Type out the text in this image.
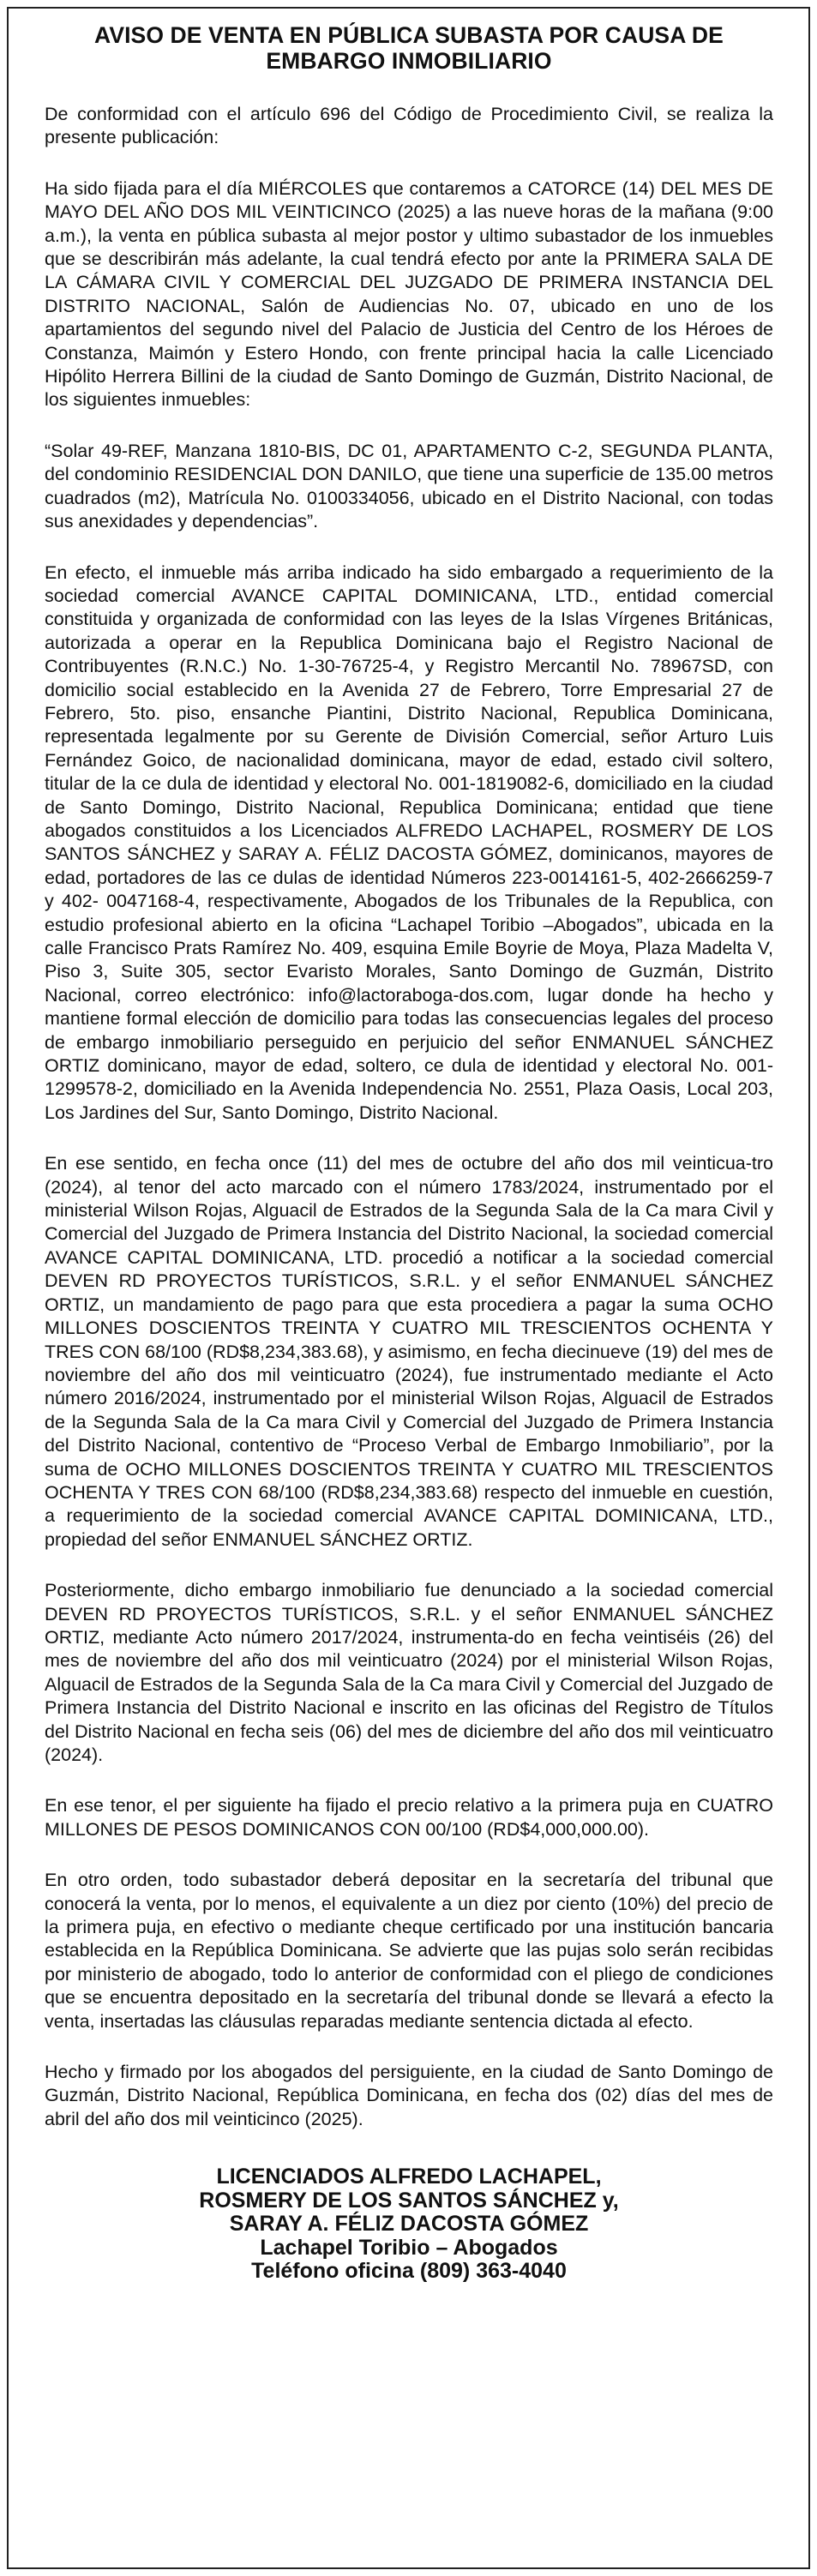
AVISO DE VENTA EN PÚBLICA SUBASTA POR CAUSA DE
EMBARGO INMOBILIARIO

De conformidad con el artículo 696 del Código de Procedimiento Civil, se realiza la presente publicación:

Ha sido fijada para el día MIÉRCOLES que contaremos a CATORCE (14) DEL MES DE MAYO DEL AÑO DOS MIL VEINTICINCO (2025) a las nueve horas de la mañana (9:00 a.m.), la venta en pública subasta al mejor postor y ultimo subastador de los inmuebles que se describirán más adelante, la cual tendrá efecto por ante la PRIMERA SALA DE LA CÁMARA CIVIL Y COMERCIAL DEL JUZGADO DE PRIMERA INSTANCIA DEL DISTRITO NACIONAL, Salón de Audiencias No. 07, ubicado en uno de los apartamientos del segundo nivel del Palacio de Justicia del Centro de los Héroes de Constanza, Maimón y Estero Hondo, con frente principal hacia la calle Licenciado Hipólito Herrera Billini de la ciudad de Santo Domingo de Guzmán, Distrito Nacional, de los siguientes inmuebles:

“Solar 49-REF, Manzana 1810-BIS, DC 01, APARTAMENTO C-2, SEGUNDA PLANTA, del condominio RESIDENCIAL DON DANILO, que tiene una superficie de 135.00 metros cuadrados (m2), Matrícula No. 0100334056, ubicado en el Distrito Nacional, con todas sus anexidades y dependencias”.

En efecto, el inmueble más arriba indicado ha sido embargado a requerimiento de la sociedad comercial AVANCE CAPITAL DOMINICANA, LTD., entidad comercial constituida y organizada de conformidad con las leyes de la Islas Vírgenes Británicas, autorizada a operar en la Republica Dominicana bajo el Registro Nacional de Contribuyentes (R.N.C.) No. 1-30-76725-4, y Registro Mercantil No. 78967SD, con domicilio social establecido en la Avenida 27 de Febrero, Torre Empresarial 27 de Febrero, 5to. piso, ensanche Piantini, Distrito Nacional, Republica Dominicana, representada legalmente por su Gerente de División Comercial, señor Arturo Luis Fernández Goico, de nacionalidad dominicana, mayor de edad, estado civil soltero, titular de la ce dula de identidad y electoral No. 001-1819082-6, domiciliado en la ciudad de Santo Domingo, Distrito Nacional, Republica Dominicana; entidad que tiene abogados constituidos a los Licenciados ALFREDO LACHAPEL, ROSMERY DE LOS SANTOS SÁNCHEZ y SARAY A. FÉLIZ DACOSTA GÓMEZ, dominicanos, mayores de edad, portadores de las ce dulas de identidad Números 223-0014161-5, 402-2666259-7 y 402- 0047168-4, respectivamente, Abogados de los Tribunales de la Republica, con estudio profesional abierto en la oficina “Lachapel Toribio –Abogados”, ubicada en la calle Francisco Prats Ramírez No. 409, esquina Emile Boyrie de Moya, Plaza Madelta V, Piso 3, Suite 305, sector Evaristo Morales, Santo Domingo de Guzmán, Distrito Nacional, correo electrónico: info@lactoraboga-dos.com, lugar donde ha hecho y mantiene formal elección de domicilio para todas las consecuencias legales del proceso de embargo inmobiliario perseguido en perjuicio del señor ENMANUEL SÁNCHEZ ORTIZ dominicano, mayor de edad, soltero, ce dula de identidad y electoral No. 001-1299578-2, domiciliado en la Avenida Independencia No. 2551, Plaza Oasis, Local 203, Los Jardines del Sur, Santo Domingo, Distrito Nacional.

En ese sentido, en fecha once (11) del mes de octubre del año dos mil veinticua-tro (2024), al tenor del acto marcado con el número 1783/2024, instrumentado por el ministerial Wilson Rojas, Alguacil de Estrados de la Segunda Sala de la Ca mara Civil y Comercial del Juzgado de Primera Instancia del Distrito Nacional, la sociedad comercial AVANCE CAPITAL DOMINICANA, LTD. procedió a notificar a la sociedad comercial DEVEN RD PROYECTOS TURÍSTICOS, S.R.L. y el señor ENMANUEL SÁNCHEZ ORTIZ, un mandamiento de pago para que esta procediera a pagar la suma OCHO MILLONES DOSCIENTOS TREINTA Y CUATRO MIL TRESCIENTOS OCHENTA Y TRES CON 68/100 (RD$8,234,383.68), y asimismo, en fecha diecinueve (19) del mes de noviembre del año dos mil veinticuatro (2024), fue instrumentado mediante el Acto número 2016/2024, instrumentado por el ministerial Wilson Rojas, Alguacil de Estrados de la Segunda Sala de la Ca mara Civil y Comercial del Juzgado de Primera Instancia del Distrito Nacional, contentivo de “Proceso Verbal de Embargo Inmobiliario”, por la suma de OCHO MILLONES DOSCIENTOS TREINTA Y CUATRO MIL TRESCIENTOS OCHENTA Y TRES CON 68/100 (RD$8,234,383.68) respecto del inmueble en cuestión, a requerimiento de la sociedad comercial AVANCE CAPITAL DOMINICANA, LTD., propiedad del señor ENMANUEL SÁNCHEZ ORTIZ.

Posteriormente, dicho embargo inmobiliario fue denunciado a la sociedad comercial DEVEN RD PROYECTOS TURÍSTICOS, S.R.L. y el señor ENMANUEL SÁNCHEZ ORTIZ, mediante Acto número 2017/2024, instrumenta-do en fecha veintiséis (26) del mes de noviembre del año dos mil veinticuatro (2024) por el ministerial Wilson Rojas, Alguacil de Estrados de la Segunda Sala de la Ca mara Civil y Comercial del Juzgado de Primera Instancia del Distrito Nacional e inscrito en las oficinas del Registro de Títulos del Distrito Nacional en fecha seis (06) del mes de diciembre del año dos mil veinticuatro (2024).

En ese tenor, el per siguiente ha fijado el precio relativo a la primera puja en CUATRO MILLONES DE PESOS DOMINICANOS CON 00/100 (RD$4,000,000.00).

En otro orden, todo subastador deberá depositar en la secretaría del tribunal que conocerá la venta, por lo menos, el equivalente a un diez por ciento (10%) del precio de la primera puja, en efectivo o mediante cheque certificado por una institución bancaria establecida en la República Dominicana. Se advierte que las pujas solo serán recibidas por ministerio de abogado, todo lo anterior de conformidad con el pliego de condiciones que se encuentra depositado en la secretaría del tribunal donde se llevará a efecto la venta, insertadas las cláusulas reparadas mediante sentencia dictada al efecto.

Hecho y firmado por los abogados del persiguiente, en la ciudad de Santo Domingo de Guzmán, Distrito Nacional, República Dominicana, en fecha dos (02) días del mes de abril del año dos mil veinticinco (2025).

LICENCIADOS ALFREDO LACHAPEL,
ROSMERY DE LOS SANTOS SÁNCHEZ y,
SARAY A. FÉLIZ DACOSTA GÓMEZ
Lachapel Toribio – Abogados
Teléfono oficina (809) 363-4040
